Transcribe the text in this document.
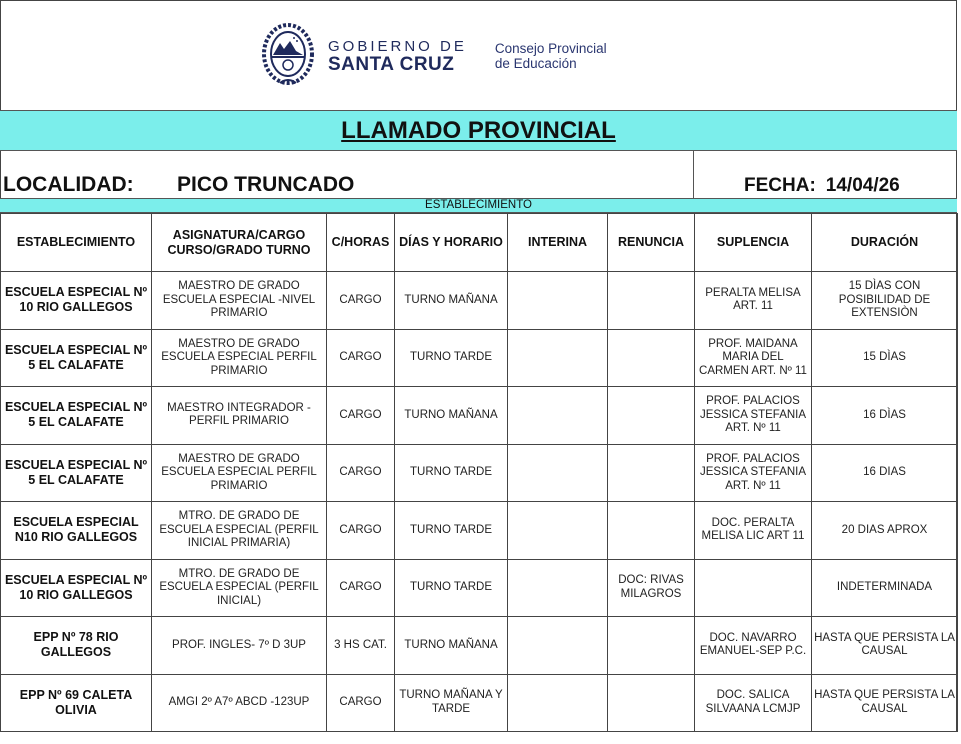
GOBIERNO DE
SANTA CRUZ
Consejo Provincial
de Educación
LLAMADO PROVINCIAL
LOCALIDAD: PICO TRUNCADO	FECHA: 14/04/26
ESTABLECIMIENTO
ESTABLECIMIENTO	ASIGNATURA/CARGO CURSO/GRADO TURNO	C/HORAS	DÍAS Y HORARIO	INTERINA	RENUNCIA	SUPLENCIA	DURACIÓN
ESCUELA ESPECIAL Nº 10 RIO GALLEGOS	MAESTRO DE GRADO ESCUELA ESPECIAL -NIVEL PRIMARIO	CARGO	TURNO MAÑANA			PERALTA MELISA ART. 11	15 DÌAS CON POSIBILIDAD DE EXTENSIÒN
ESCUELA ESPECIAL Nº 5 EL CALAFATE	MAESTRO DE GRADO ESCUELA ESPECIAL PERFIL PRIMARIO	CARGO	TURNO TARDE			PROF. MAIDANA MARIA DEL CARMEN ART. Nº 11	15 DÌAS
ESCUELA ESPECIAL Nº 5 EL CALAFATE	MAESTRO INTEGRADOR - PERFIL PRIMARIO	CARGO	TURNO MAÑANA			PROF. PALACIOS JESSICA STEFANIA ART. Nº 11	16 DÌAS
ESCUELA ESPECIAL Nº 5 EL CALAFATE	MAESTRO DE GRADO ESCUELA ESPECIAL PERFIL PRIMARIO	CARGO	TURNO TARDE			PROF. PALACIOS JESSICA STEFANIA ART. Nº 11	16 DIAS
ESCUELA ESPECIAL N10 RIO GALLEGOS	MTRO. DE GRADO DE ESCUELA ESPECIAL (PERFIL INICIAL PRIMARIA)	CARGO	TURNO TARDE			DOC. PERALTA MELISA LIC ART 11	20 DIAS APROX
ESCUELA ESPECIAL Nº 10 RIO GALLEGOS	MTRO. DE GRADO DE ESCUELA ESPECIAL (PERFIL INICIAL)	CARGO	TURNO TARDE		DOC: RIVAS MILAGROS		INDETERMINADA
EPP Nº 78 RIO GALLEGOS	PROF. INGLES- 7º D 3UP	3 HS CAT.	TURNO MAÑANA			DOC. NAVARRO EMANUEL-SEP P.C.	HASTA QUE PERSISTA LA CAUSAL
EPP Nº 69 CALETA OLIVIA	AMGI 2º A7º ABCD -123UP	CARGO	TURNO MAÑANA Y TARDE			DOC. SALICA SILVAANA LCMJP	HASTA QUE PERSISTA LA CAUSAL
